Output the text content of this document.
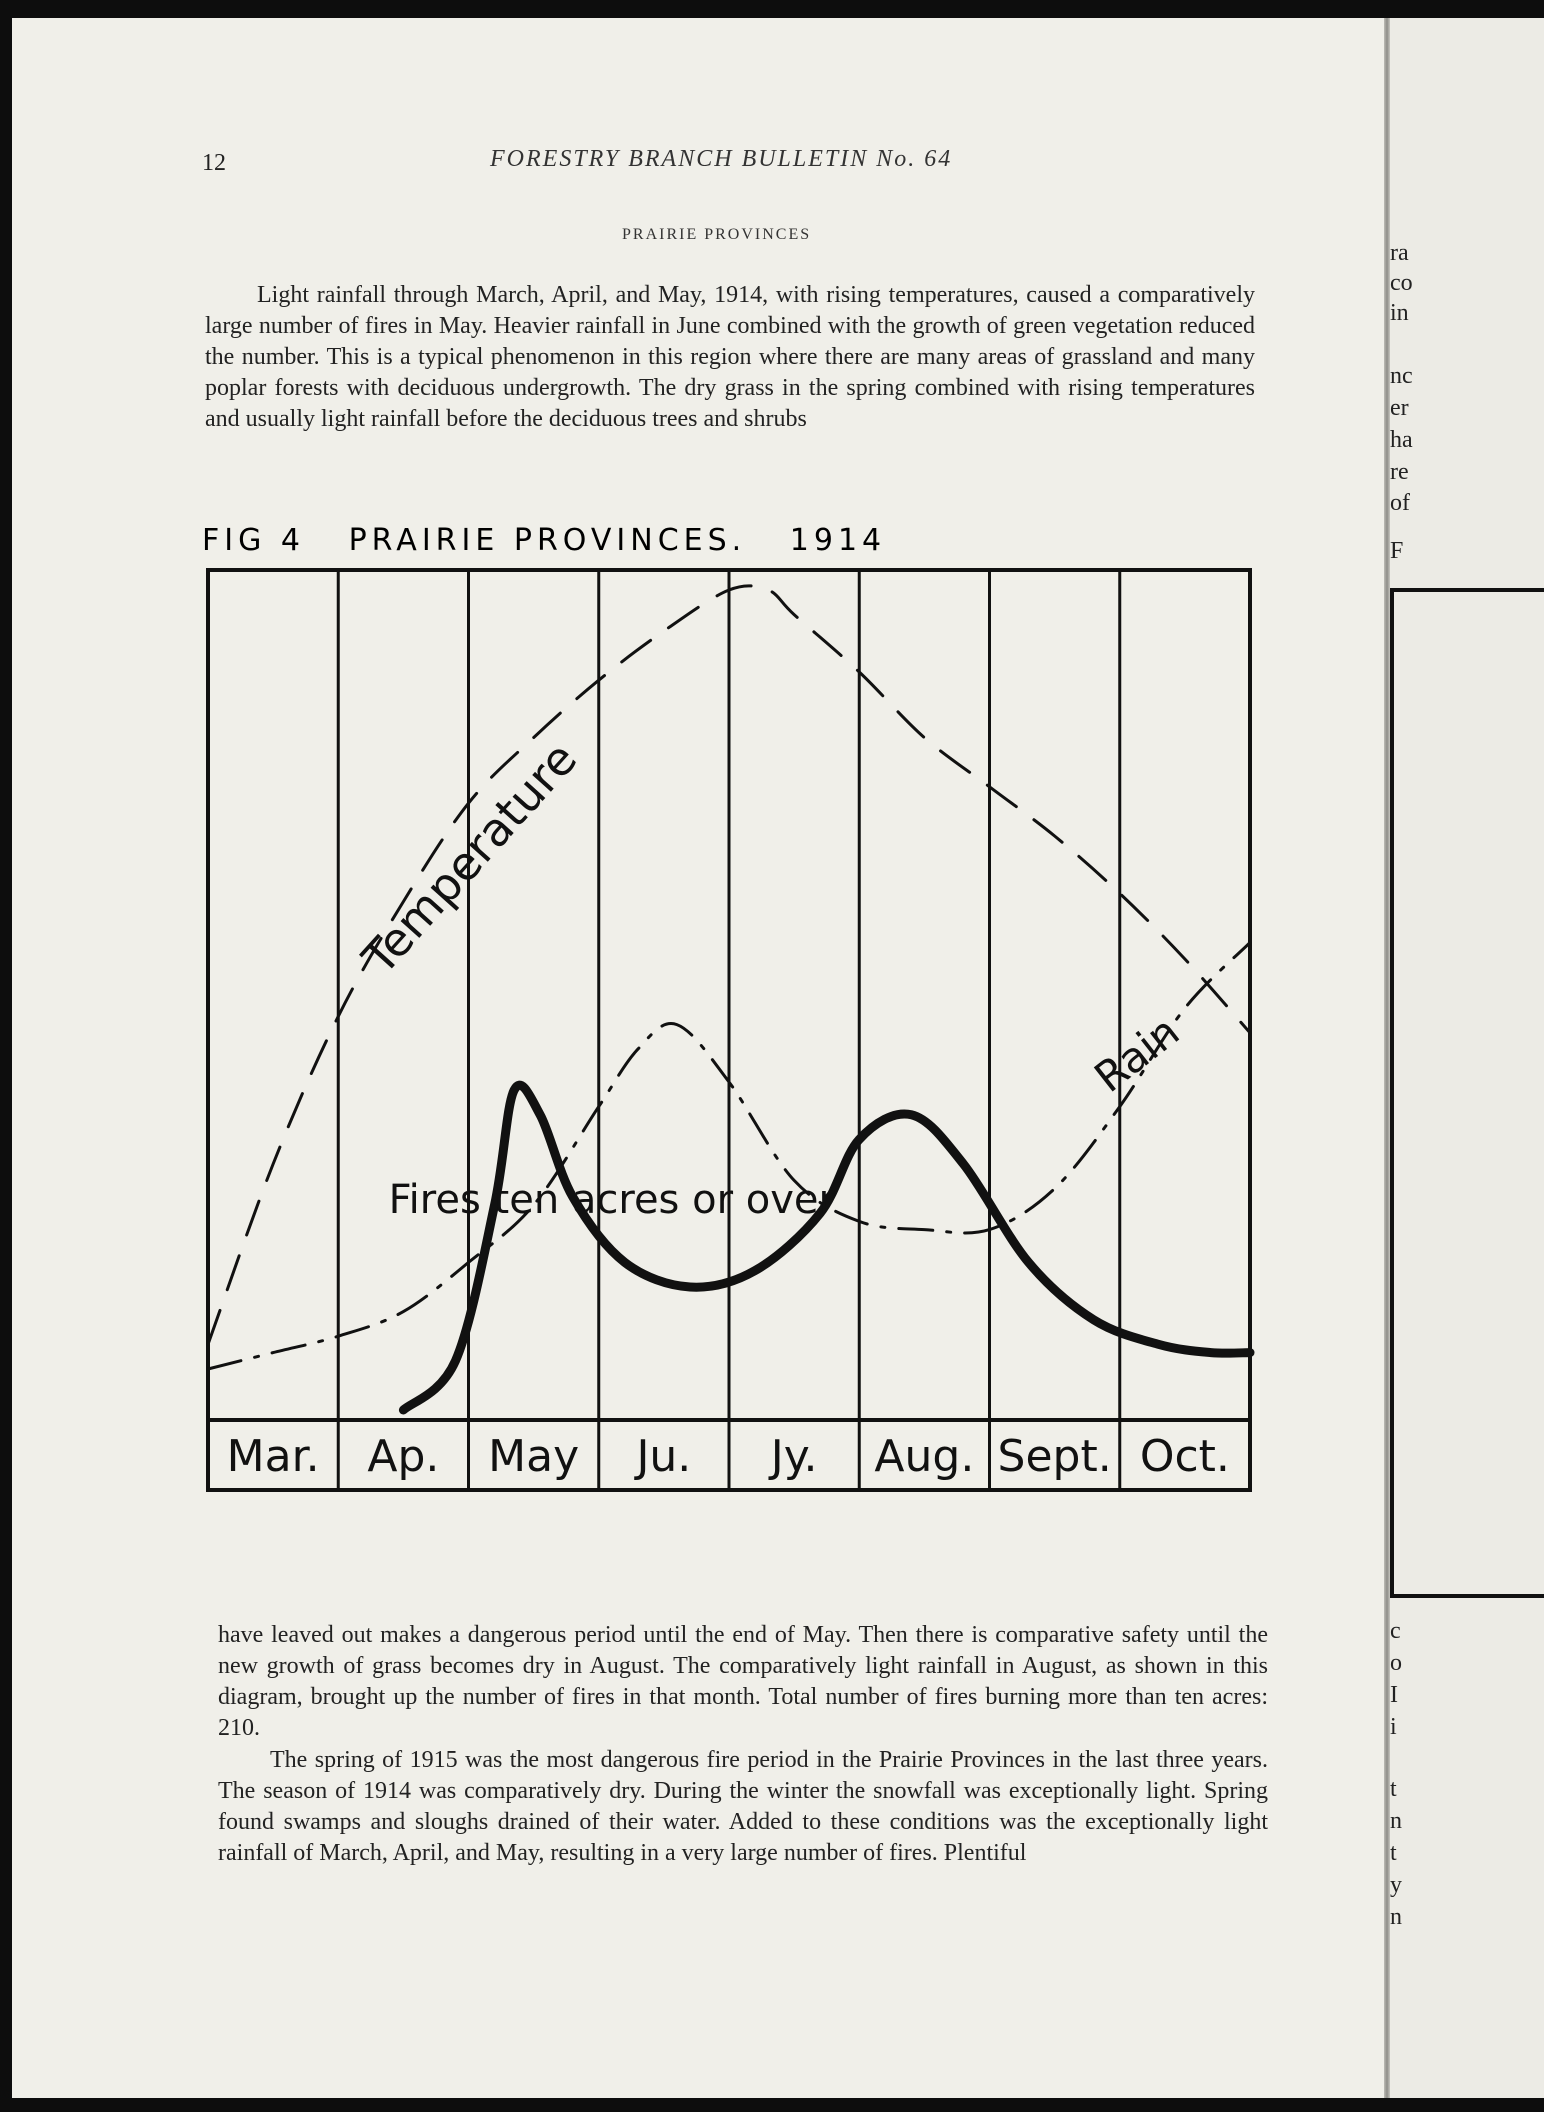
ra
co
in
nc
er
ha
re
of
F
c
o
I
i
t
n
t
y
n
12	FORESTRY BRANCH BULLETIN No. 64
PRAIRIE PROVINCES
Light rainfall through March, April, and May, 1914, with rising temperatures, caused a comparatively large number of fires in May. Heavier rainfall in June combined with the growth of green vegetation reduced the number. This is a typical phenomenon in this region where there are many areas of grassland and many poplar forests with deciduous undergrowth. The dry grass in the spring combined with rising temperatures and usually light rainfall before the deciduous trees and shrubs
have leaved out makes a dangerous period until the end of May. Then there is comparative safety until the new growth of grass becomes dry in August. The comparatively light rainfall in August, as shown in this diagram, brought up the number of fires in that month. Total number of fires burning more than ten acres: 210.
The spring of 1915 was the most dangerous fire period in the Prairie Provinces in the last three years. The season of 1914 was comparatively dry. During the winter the snowfall was exceptionally light. Spring found swamps and sloughs drained of their water. Added to these conditions was the exceptionally light rainfall of March, April, and May, resulting in a very large number of fires. Plentiful
FIG 4   PRAIRIE PROVINCES.   1914
Mar. Ap. May Ju. Jy. Aug. Sept. Oct.
Temperature
Rain
Fires ten acres or over
